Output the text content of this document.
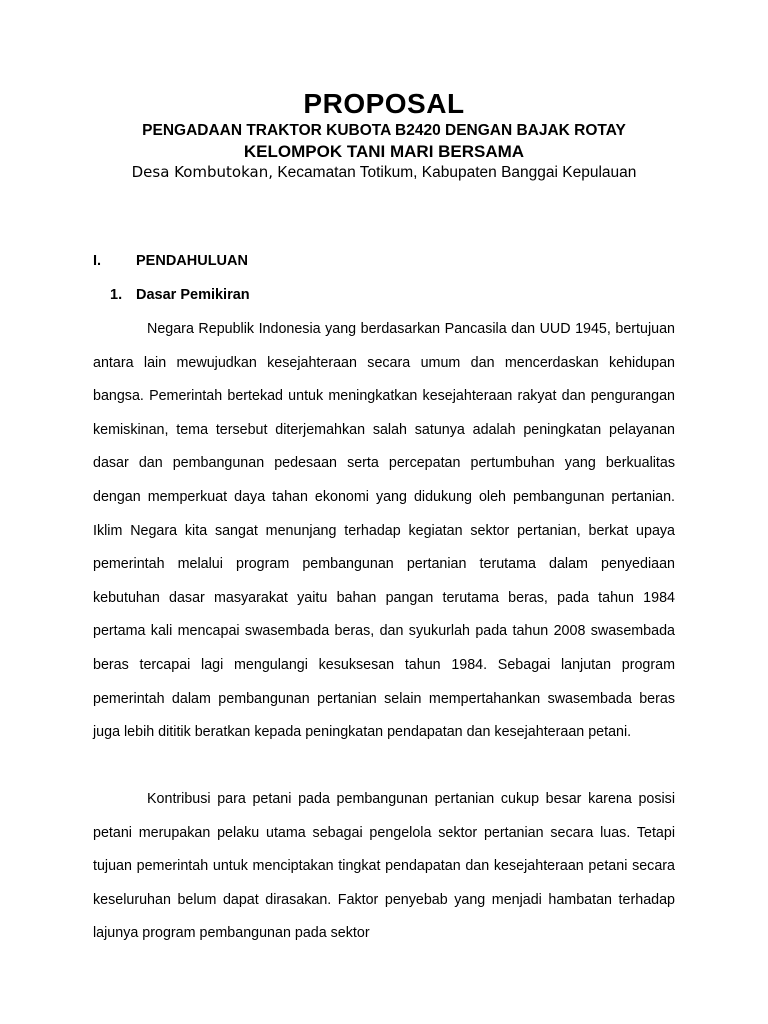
PROPOSAL
PENGADAAN TRAKTOR KUBOTA B2420 DENGAN BAJAK ROTAY
KELOMPOK TANI MARI BERSAMA
Desa Kombutokan, Kecamatan Totikum, Kabupaten Banggai Kepulauan
I. PENDAHULUAN
1. Dasar Pemikiran

Negara Republik Indonesia yang berdasarkan Pancasila dan UUD 1945, bertujuan antara lain mewujudkan kesejahteraan secara umum dan mencerdaskan kehidupan bangsa. Pemerintah bertekad untuk meningkatkan kesejahteraan rakyat dan pengurangan kemiskinan, tema tersebut diterjemahkan salah satunya adalah peningkatan pelayanan dasar dan pembangunan pedesaan serta percepatan pertumbuhan yang berkualitas dengan memperkuat daya tahan ekonomi yang didukung oleh pembangunan pertanian. Iklim Negara kita sangat menunjang terhadap kegiatan sektor pertanian, berkat upaya pemerintah melalui program pembangunan pertanian terutama dalam penyediaan kebutuhan dasar masyarakat yaitu bahan pangan terutama beras, pada tahun 1984 pertama kali mencapai swasembada beras, dan syukurlah pada tahun 2008 swasembada beras tercapai lagi mengulangi kesuksesan tahun 1984. Sebagai lanjutan program pemerintah dalam pembangunan pertanian selain mempertahankan swasembada beras juga lebih dititik beratkan kepada peningkatan pendapatan dan kesejahteraan petani.

Kontribusi para petani pada pembangunan pertanian cukup besar karena posisi petani merupakan pelaku utama sebagai pengelola sektor pertanian secara luas. Tetapi tujuan pemerintah untuk menciptakan tingkat pendapatan dan kesejahteraan petani secara keseluruhan belum dapat dirasakan. Faktor penyebab yang menjadi hambatan terhadap lajunya program pembangunan pada sektor
